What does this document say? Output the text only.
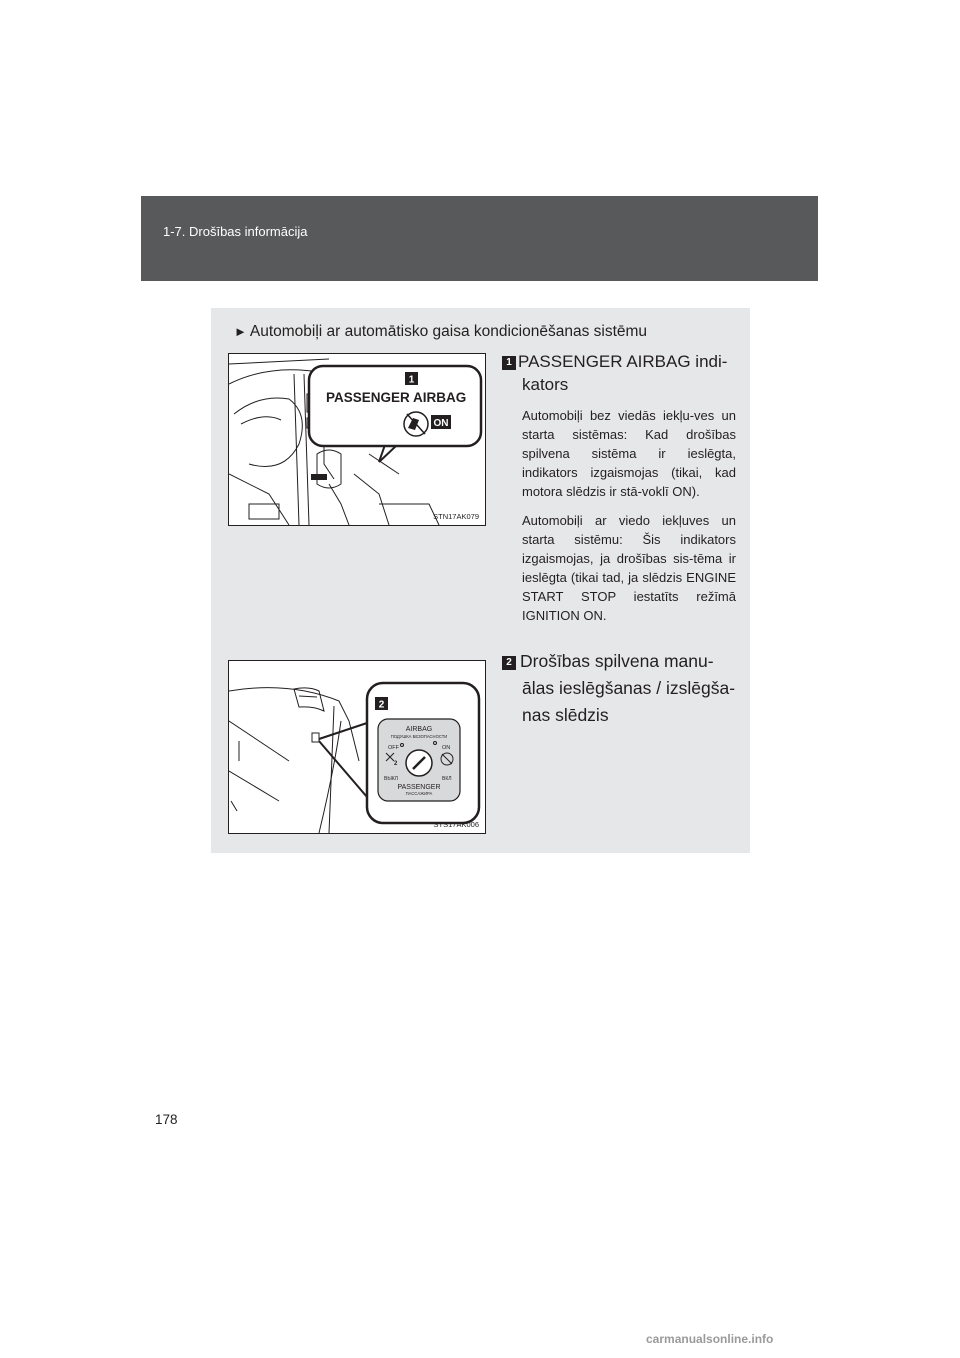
1-7. Drošības informācija
► Automobiļi ar automātisko gaisa kondicionēšanas sistēmu
1
PASSENGER AIRBAG
ON
STN17AK079
1 PASSENGER AIRBAG indi-
kators
Automobiļi bez viedās iekļu-ves un starta sistēmas: Kad drošības spilvena sistēma ir ieslēgta, indikators izgaismojas (tikai, kad motora slēdzis ir stā-voklī ON).
Automobiļi ar viedo iekļuves un starta sistēmu: Šis indikators izgaismojas, ja drošības sis-tēma ir ieslēgta (tikai tad, ja slēdzis ENGINE START STOP iestatīts režīmā IGNITION ON.
2
AIRBAG
ПОДУШКА БЕЗОПАСНОСТИ
OFF	ON
2
ВЫКЛ	ВКЛ
PASSENGER
ПАССАЖИРА
STS17AK006
2 Drošības spilvena manu-
ālas ieslēgšanas / izslēgša-
nas slēdzis
178
carmanualsonline.info
